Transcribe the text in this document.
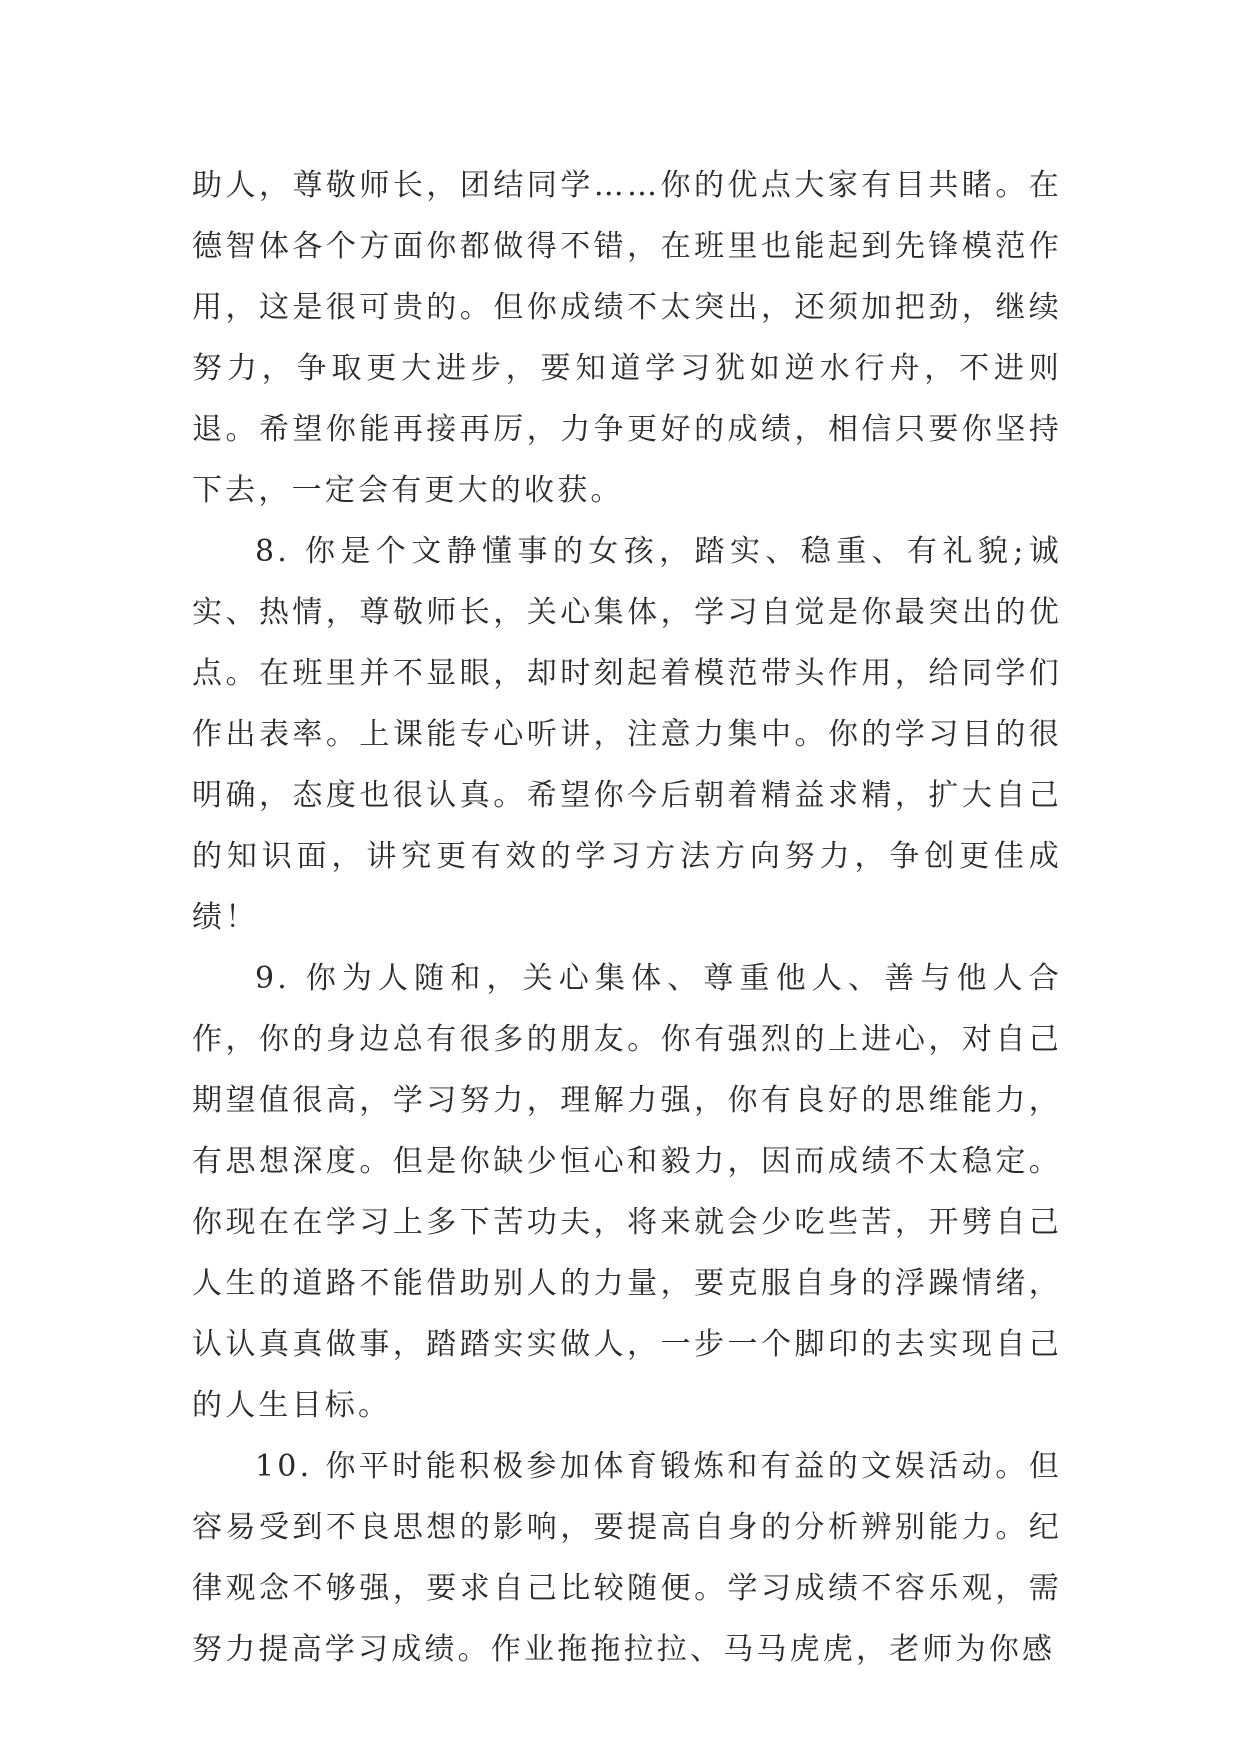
助人，尊敬师长，团结同学……你的优点大家有目共睹。在德智体各个方面你都做得不错，在班里也能起到先锋模范作用，这是很可贵的。但你成绩不太突出，还须加把劲，继续努力，争取更大进步，要知道学习犹如逆水行舟，不进则退。希望你能再接再厉，力争更好的成绩，相信只要你坚持下去，一定会有更大的收获。

8. 你是个文静懂事的女孩，踏实、稳重、有礼貌;诚实、热情，尊敬师长，关心集体，学习自觉是你最突出的优点。在班里并不显眼，却时刻起着模范带头作用，给同学们作出表率。上课能专心听讲，注意力集中。你的学习目的很明确，态度也很认真。希望你今后朝着精益求精，扩大自己的知识面，讲究更有效的学习方法方向努力，争创更佳成绩！

9. 你为人随和，关心集体、尊重他人、善与他人合作，你的身边总有很多的朋友。你有强烈的上进心，对自己期望值很高，学习努力，理解力强，你有良好的思维能力，有思想深度。但是你缺少恒心和毅力，因而成绩不太稳定。你现在在学习上多下苦功夫，将来就会少吃些苦，开劈自己人生的道路不能借助别人的力量，要克服自身的浮躁情绪，认认真真做事，踏踏实实做人，一步一个脚印的去实现自己的人生目标。

10. 你平时能积极参加体育锻炼和有益的文娱活动。但容易受到不良思想的影响，要提高自身的分析辨别能力。纪律观念不够强，要求自己比较随便。学习成绩不容乐观，需努力提高学习成绩。作业拖拖拉拉、马马虎虎，老师为你感
